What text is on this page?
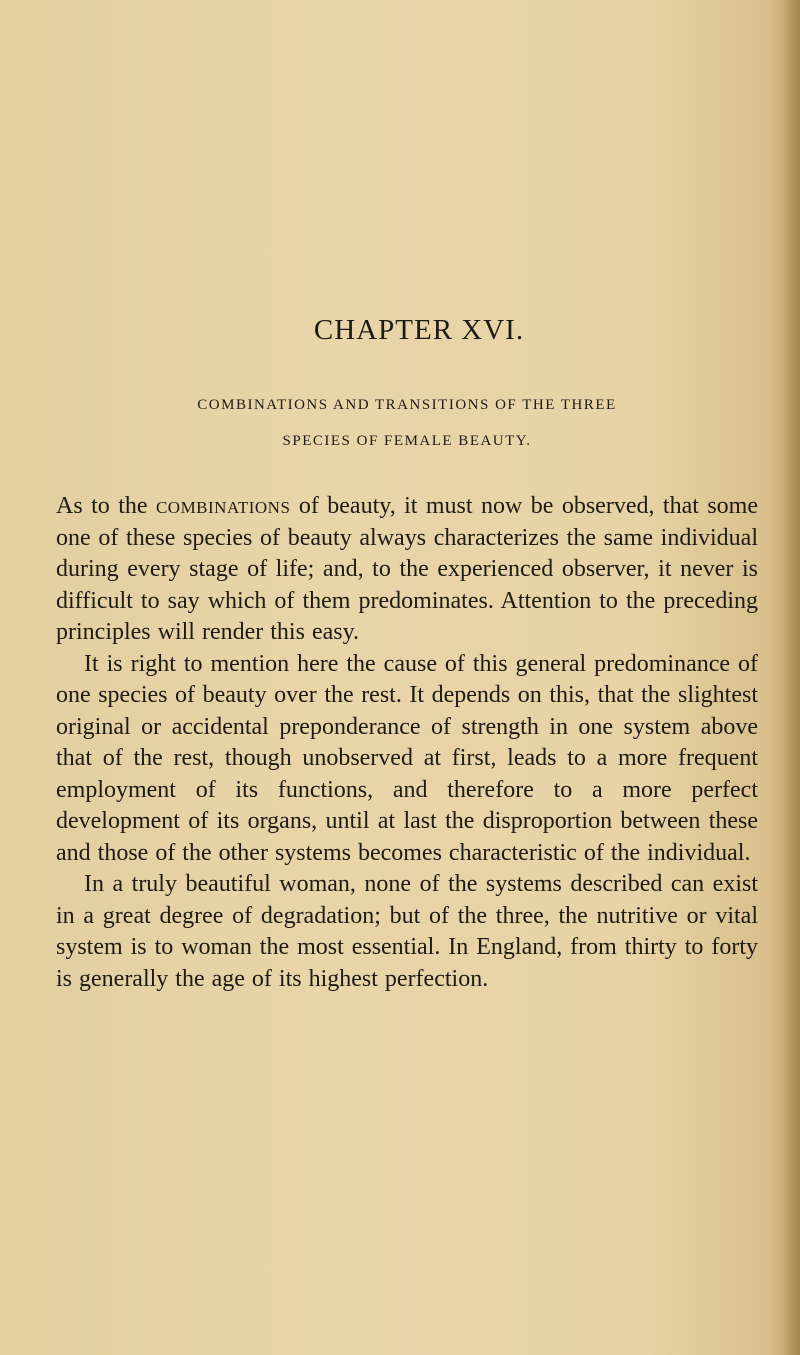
CHAPTER XVI.
COMBINATIONS AND TRANSITIONS OF THE THREE
SPECIES OF FEMALE BEAUTY.
As to the combinations of beauty, it must now be observed, that some one of these species of beauty always characterizes the same individual during every stage of life; and, to the experienced observer, it never is difficult to say which of them predominates. Attention to the preceding principles will render this easy.
It is right to mention here the cause of this general predominance of one species of beauty over the rest. It depends on this, that the slightest original or accidental preponderance of strength in one system above that of the rest, though unobserved at first, leads to a more frequent employment of its functions, and therefore to a more perfect development of its organs, until at last the disproportion between these and those of the other systems becomes characteristic of the individual.
In a truly beautiful woman, none of the systems described can exist in a great degree of degradation; but of the three, the nutritive or vital system is to woman the most essential. In England, from thirty to forty is generally the age of its highest perfection.
